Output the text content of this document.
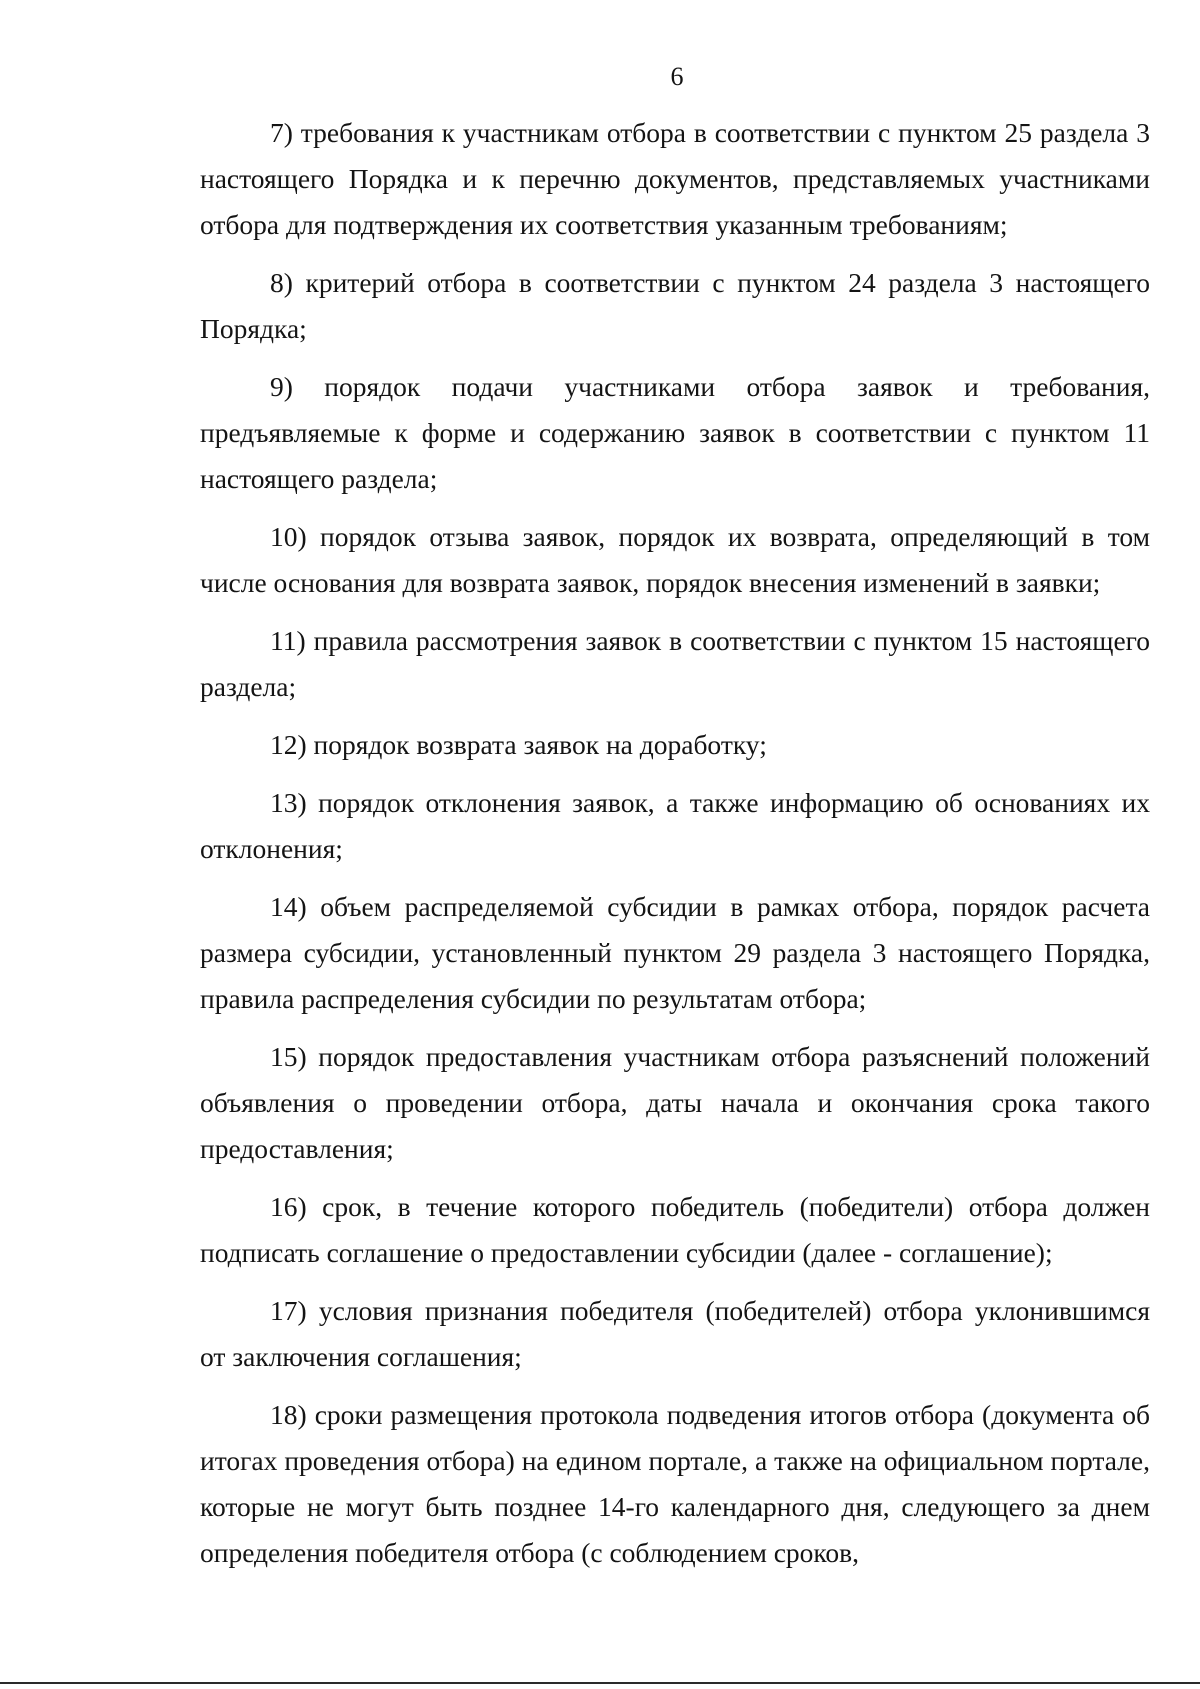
6

7) требования к участникам отбора в соответствии с пунктом 25 раздела 3 настоящего Порядка и к перечню документов, представляемых участниками отбора для подтверждения их соответствия указанным требованиям;

8) критерий отбора в соответствии с пунктом 24 раздела 3 настоящего Порядка;

9) порядок подачи участниками отбора заявок и требования, предъявляемые к форме и содержанию заявок в соответствии с пунктом 11 настоящего раздела;

10) порядок отзыва заявок, порядок их возврата, определяющий в том числе основания для возврата заявок, порядок внесения изменений в заявки;

11) правила рассмотрения заявок в соответствии с пунктом 15 настоящего раздела;

12) порядок возврата заявок на доработку;

13) порядок отклонения заявок, а также информацию об основаниях их отклонения;

14) объем распределяемой субсидии в рамках отбора, порядок расчета размера субсидии, установленный пунктом 29 раздела 3 настоящего Порядка, правила распределения субсидии по результатам отбора;

15) порядок предоставления участникам отбора разъяснений положений объявления о проведении отбора, даты начала и окончания срока такого предоставления;

16) срок, в течение которого победитель (победители) отбора должен подписать соглашение о предоставлении субсидии (далее - соглашение);

17) условия признания победителя (победителей) отбора уклонившимся от заключения соглашения;

18) сроки размещения протокола подведения итогов отбора (документа об итогах проведения отбора) на едином портале, а также на официальном портале, которые не могут быть позднее 14-го календарного дня, следующего за днем определения победителя отбора (с соблюдением сроков,
